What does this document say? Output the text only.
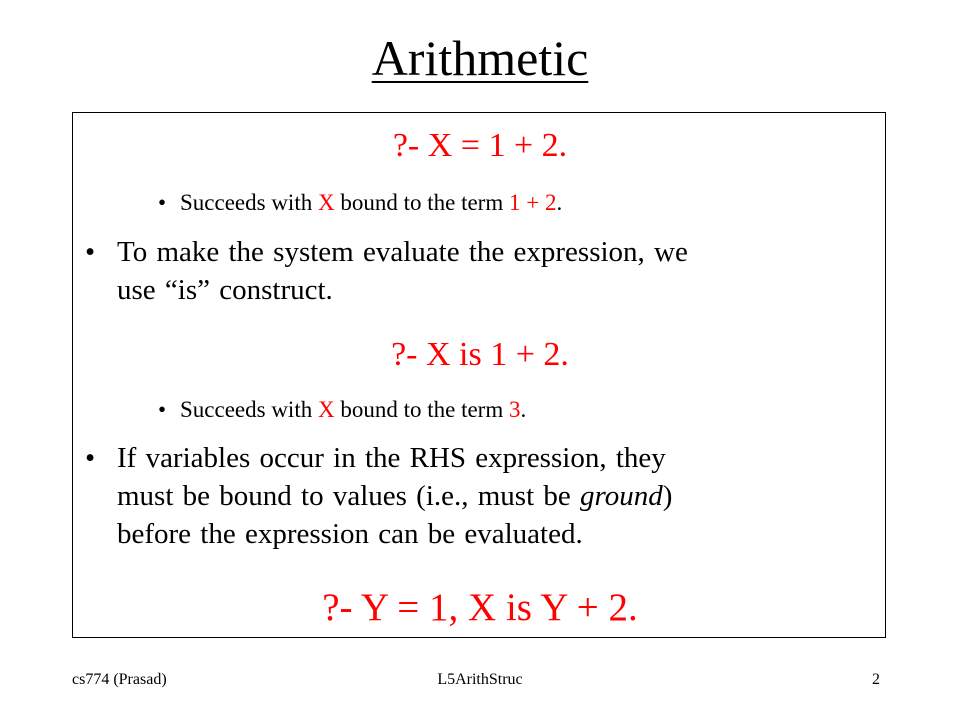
Arithmetic
?- X = 1 + 2.
• Succeeds with X bound to the term 1 + 2.
• To make the system evaluate the expression, we
use “is” construct.
?- X is 1 + 2.
• Succeeds with X bound to the term 3.
• If variables occur in the RHS expression, they
must be bound to values (i.e., must be ground)
before the expression can be evaluated.
?- Y = 1, X is Y + 2.
cs774 (Prasad)	L5ArithStruc	2
